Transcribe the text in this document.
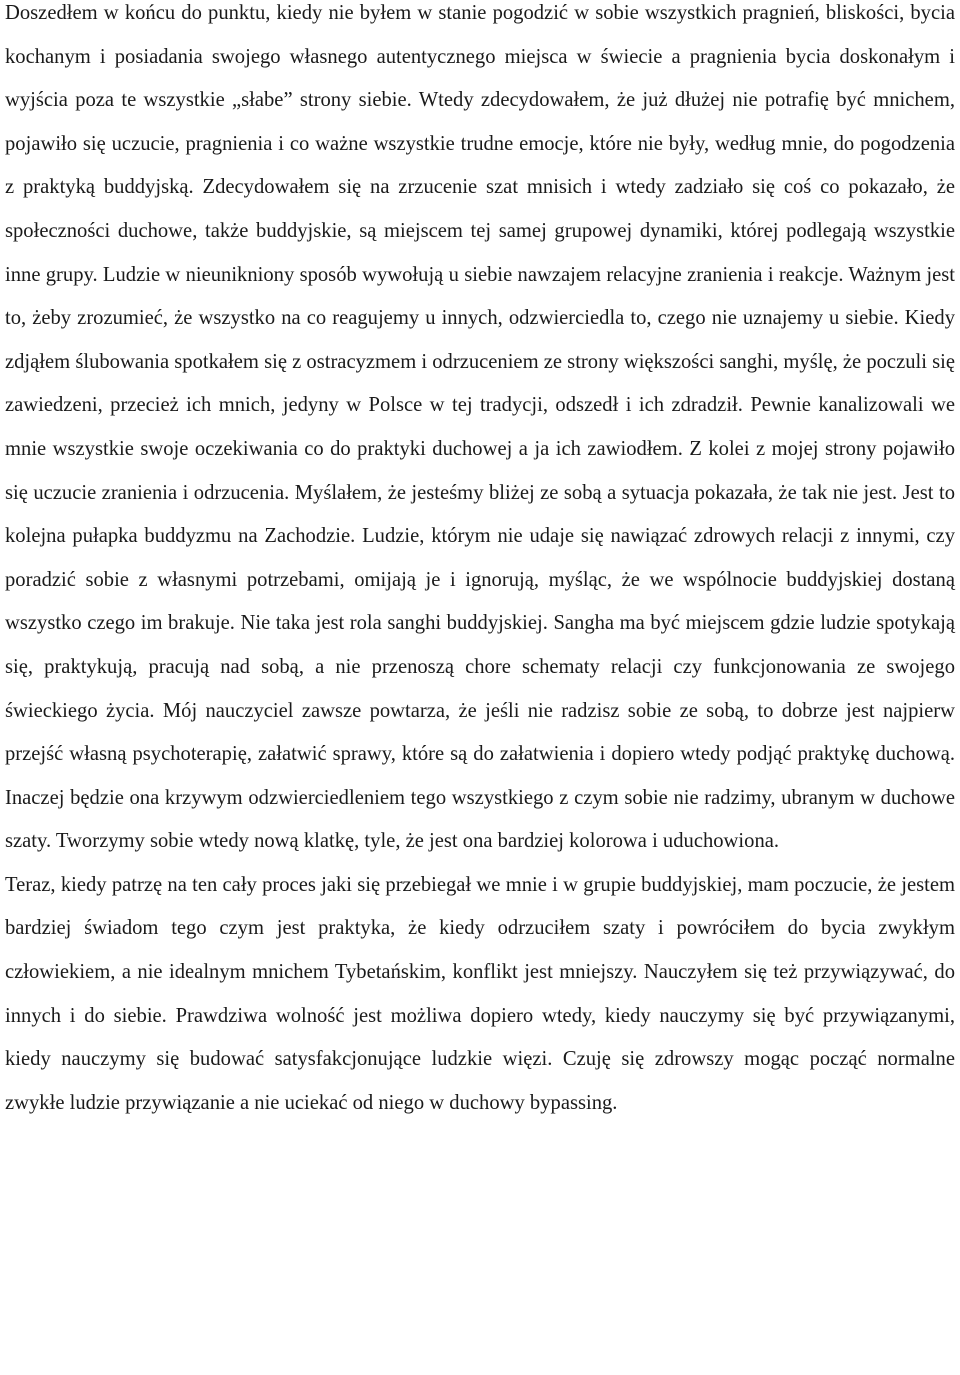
Doszedłem w końcu do punktu, kiedy nie byłem w stanie pogodzić w sobie wszystkich pragnień, bliskości, bycia kochanym i posiadania swojego własnego autentycznego miejsca w świecie a pragnienia bycia doskonałym i wyjścia poza te wszystkie „słabe” strony siebie. Wtedy zdecydowałem, że już dłużej nie potrafię być mnichem, pojawiło się uczucie, pragnienia i co ważne wszystkie trudne emocje, które nie były, według mnie, do pogodzenia z praktyką buddyjską. Zdecydowałem się na zrzucenie szat mnisich i wtedy zadziało się coś co pokazało, że społeczności duchowe, także buddyjskie, są miejscem tej samej grupowej dynamiki, której podlegają wszystkie inne grupy. Ludzie w nieunikniony sposób wywołują u siebie nawzajem relacyjne zranienia i reakcje. Ważnym jest to, żeby zrozumieć, że wszystko na co reagujemy u innych, odzwierciedla to, czego nie uznajemy u siebie. Kiedy zdjąłem ślubowania spotkałem się z ostracyzmem i odrzuceniem ze strony większości sanghi, myślę, że poczuli się zawiedzeni, przecież ich mnich, jedyny w Polsce w tej tradycji, odszedł i ich zdradził. Pewnie kanalizowali we mnie wszystkie swoje oczekiwania co do praktyki duchowej a ja ich zawiodłem. Z kolei z mojej strony pojawiło się uczucie zranienia i odrzucenia. Myślałem, że jesteśmy bliżej ze sobą a sytuacja pokazała, że tak nie jest. Jest to kolejna pułapka buddyzmu na Zachodzie. Ludzie, którym nie udaje się nawiązać zdrowych relacji z innymi, czy poradzić sobie z własnymi potrzebami, omijają je i ignorują, myśląc, że we wspólnocie buddyjskiej dostaną wszystko czego im brakuje. Nie taka jest rola sanghi buddyjskiej. Sangha ma być miejscem gdzie ludzie spotykają się, praktykują, pracują nad sobą, a nie przenoszą chore schematy relacji czy funkcjonowania ze swojego świeckiego życia. Mój nauczyciel zawsze powtarza, że jeśli nie radzisz sobie ze sobą, to dobrze jest najpierw przejść własną psychoterapię, załatwić sprawy, które są do załatwienia i dopiero wtedy podjąć praktykę duchową. Inaczej będzie ona krzywym odzwierciedleniem tego wszystkiego z czym sobie nie radzimy, ubranym w duchowe szaty. Tworzymy sobie wtedy nową klatkę, tyle, że jest ona bardziej kolorowa i uduchowiona.

Teraz, kiedy patrzę na ten cały proces jaki się przebiegał we mnie i w grupie buddyjskiej, mam poczucie, że jestem bardziej świadom tego czym jest praktyka, że kiedy odrzuciłem szaty i powróciłem do bycia zwykłym człowiekiem, a nie idealnym mnichem Tybetańskim, konflikt jest mniejszy. Nauczyłem się też przywiązywać, do innych i do siebie. Prawdziwa wolność jest możliwa dopiero wtedy, kiedy nauczymy się być przywiązanymi, kiedy nauczymy się budować satysfakcjonujące ludzkie więzi. Czuję się zdrowszy mogąc począć normalne zwykłe ludzie przywiązanie a nie uciekać od niego w duchowy bypassing.
